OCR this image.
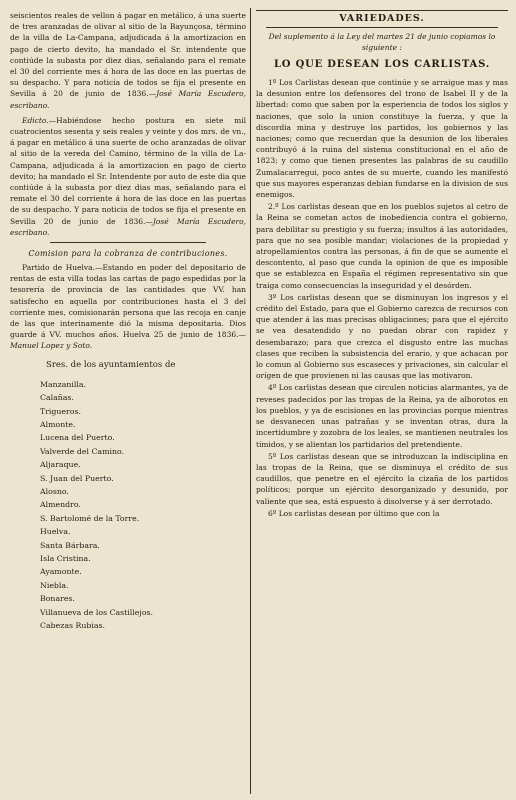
seiscientos reales de vellon á pagar en metálico, á una suerte de tres aranzadas de olivar al sitio de la Bayunçosa, término de la villa de La-Campana, adjudicada á la amortizacion en pago de cierto devito, ha mandado el Sr. intendente que contiúde la subasta por diez dias, señalando para el remate el 30 del corriente mes á hora de las doce en las puertas de su despacho. Y para noticia de todos se fija el presente en Sevilla á 20 de junio de 1836.—José María Escudero, escribano.

Edicto.—Habiéndose hecho postura en siete mil cuatrocientos sesenta y seis reales y veinte y dos mrs. de vn., á pagar en metálico á una suerte de ocho aranzadas de olivar al sitio de la vereda del Camino, término de la villa de La-Campana, adjudicada á la amortizacion en pago de cierto devito; ha mandado el Sr. Intendente por auto de este dia que contiúde á la subasta por diez dias mas, señalando para el remate el 30 del corriente á hora de las doce en las puertas de su despacho. Y para noticia de todos se fija el presente en Sevilla 20 de junio de 1836.—José María Escudero, escribano.

Comision para la cobranza de contribuciones.

Partido de Huelva.—Estando en poder del depositario de rentas de esta villa todas las cartas de pago espedidas por la tesorería de provincia de las cantidades que VV. han satisfecho en aquella por contribuciones hasta el 3 del corriente mes, comisionarán persona que las recoja en canje de las que interinamente dió la misma depositaria. Dios guarde á VV. muchos años. Huelva 25 de junio de 1836.—Manuel Lopez y Soto.

Sres. de los ayuntamientos de
Manzanilla.
Calañas.
Trigueros.
Almonte.
Lucena del Puerto.
Valverde del Camino.
Aljaraque.
S. Juan del Puerto.
Alosno.
Almendro.
S. Bartolomé de la Torre.
Huelva.
Santa Bárbara.
Isla Cristina.
Ayamonte.
Niebla.
Bonares.
Villanueva de los Castillejos.
Cabezas Rubias.
VARIEDADES.
Del suplemento á la Ley del martes 21 de junio copiamos lo siguiente :
LO QUE DESEAN LOS CARLISTAS.

1º Los Carlistas desean que continúe y se arraigue mas y mas la desunion entre los defensores del trono de Isabel II y de la libertad: como que saben por la esperiencia de todos los siglos y naciones, que solo la union constituye la fuerza, y que la discordia mina y destruye los partidos, los gobiernos y las naciones; como que recuerdan que la desunion de los liberales contribuyó á la ruina del sistema constitucional en el año de 1823; y como que tienen presentes las palabras de su caudillo Zumalacarregui, poco antes de su muerte, cuando les manifestó que sus mayores esperanzas debian fundarse en la division de sus enemigos.

2.º Los carlistas desean que en los pueblos sujetos al cetro de la Reina se cometan actos de inobediencia contra el gobierno, para debilitar su prestigio y su fuerza; insultos á las autoridades, para que no sea posible mandar; violaciones de la propiedad y atropellamientos contra las personas, á fin de que se aumente el descontento, al paso que cunda la opinion de que es imposible que se establezca en España el régimen representativo sin que traiga como consecuencias la inseguridad y el desórden.

3º Los carlistas desean que se disminuyan los ingresos y el crédito del Estado, para que el Gobierno carezca de recursos con que atender á las mas precisas obligaciones; para que el ejército se vea desatendido y no puedan obrar con rapidez y desembarazo; para que crezca el disgusto entre las muchas clases que reciben la subsistencia del erario, y que achacan por lo comun al Gobierno sus escaseces y privaciones, sin calcular el orígen de que provienen ni las causas que las motivaron.

4º Los carlistas desean que circulen noticias alarmantes, ya de reveses padecidos por las tropas de la Reina, ya de alborotos en los pueblos, y ya de escisiones en las provincias porque mientras se desvanecen unas patrañas y se inventan otras, dura la incertidumbre y zozobra de los leales, se mantienen neutrales los tímidos, y se alientan los partidarios del pretendiente.

5º Los carlistas desean que se introduzcan la indisciplina en las tropas de la Reina, que se disminuya el crédito de sus caudillos, que penetre en el ejército la cizaña de los partidos políticos; porque un ejército desorganizado y desunido, por valiente que sea, está espuesto á disolverse y á ser derrotado.

6º Los carlistas desean por último que con la
